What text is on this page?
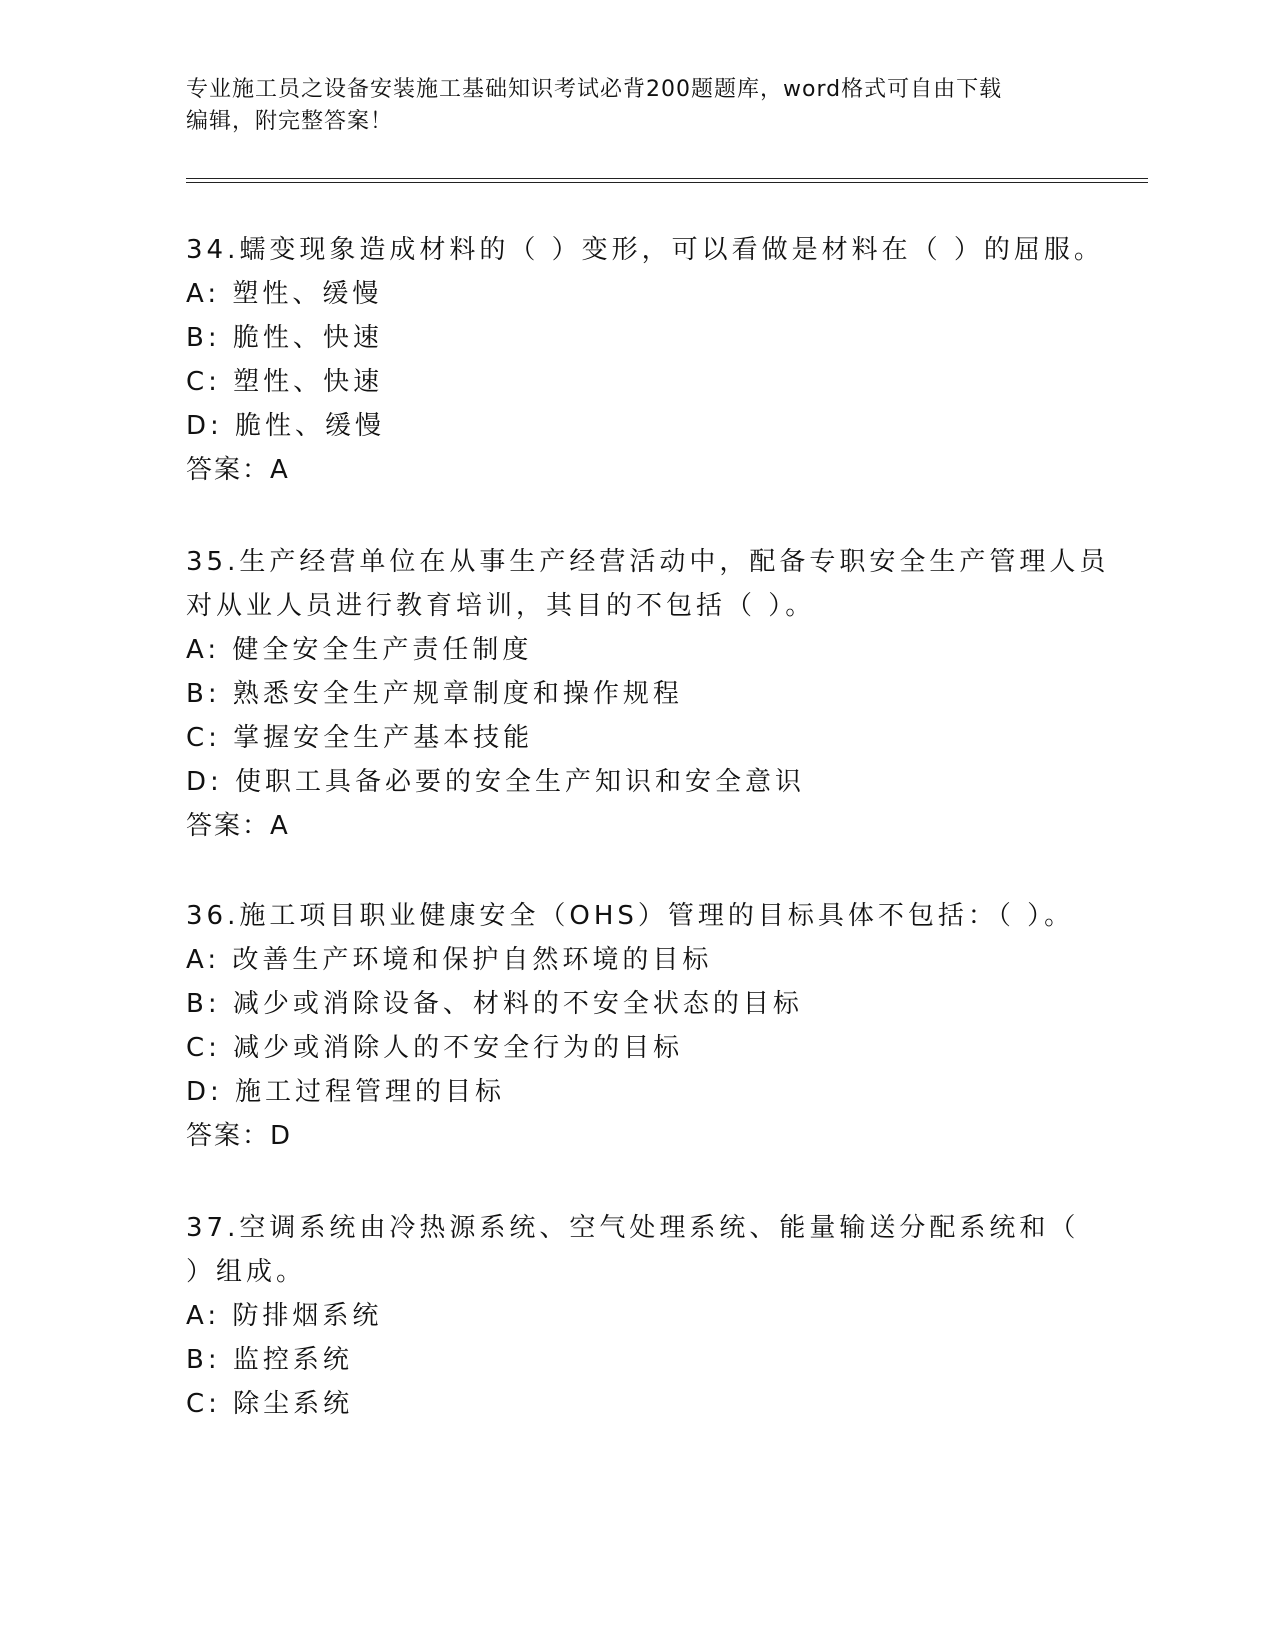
专业施工员之设备安装施工基础知识考试必背200题题库，word格式可自由下载
编辑，附完整答案！
34.蠕变现象造成材料的（ ）变形，可以看做是材料在（ ）的屈服。
A: 塑性、缓慢
B: 脆性、快速
C: 塑性、快速
D: 脆性、缓慢
答案：A
35.生产经营单位在从事生产经营活动中，配备专职安全生产管理人员
对从业人员进行教育培训，其目的不包括（ ）。
A: 健全安全生产责任制度
B: 熟悉安全生产规章制度和操作规程
C: 掌握安全生产基本技能
D: 使职工具备必要的安全生产知识和安全意识
答案：A
36.施工项目职业健康安全（OHS）管理的目标具体不包括：（ ）。
A: 改善生产环境和保护自然环境的目标
B: 减少或消除设备、材料的不安全状态的目标
C: 减少或消除人的不安全行为的目标
D: 施工过程管理的目标
答案：D
37.空调系统由冷热源系统、空气处理系统、能量输送分配系统和（
）组成。
A: 防排烟系统
B: 监控系统
C: 除尘系统
